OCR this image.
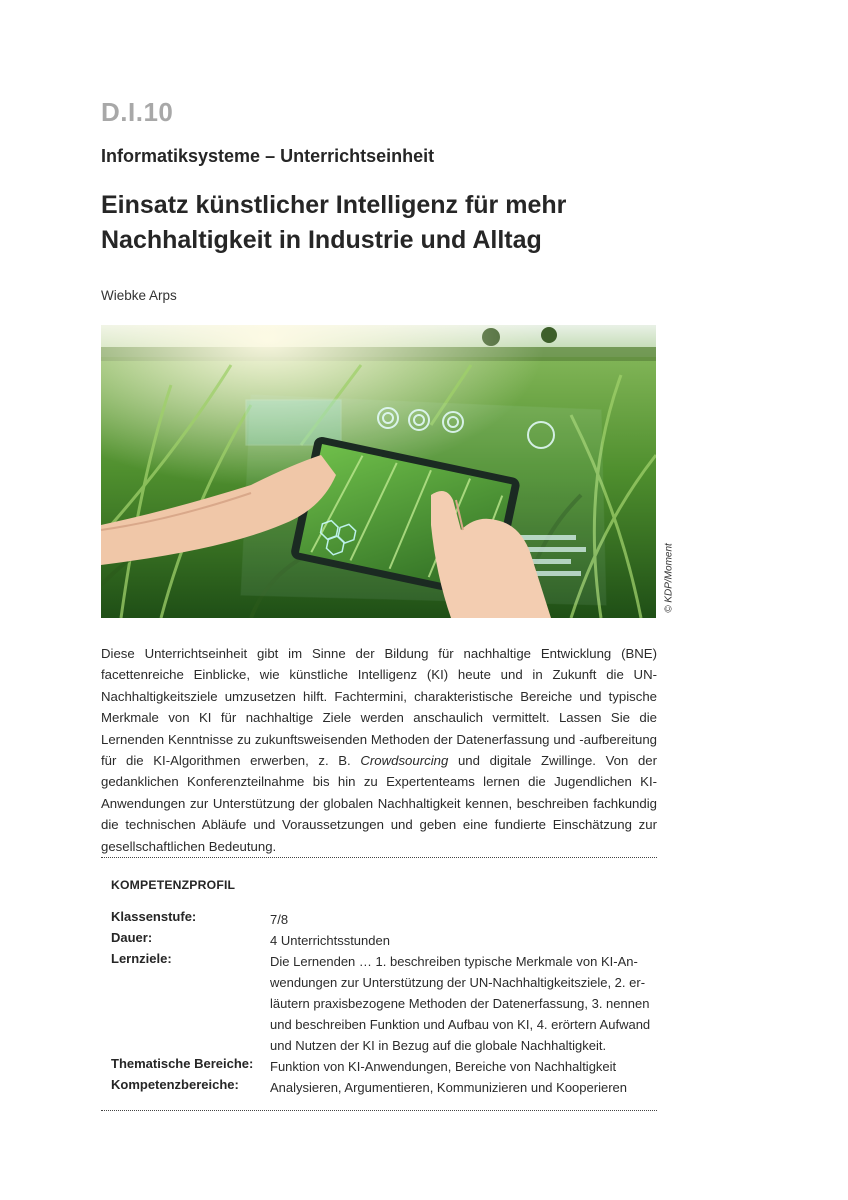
D.I.10
Informatiksysteme – Unterrichtseinheit
Einsatz künstlicher Intelligenz für mehr
Nachhaltigkeit in Industrie und Alltag
Wiebke Arps
© KDP/Moment
Diese Unterrichtseinheit gibt im Sinne der Bildung für nachhaltige Entwicklung (BNE) facettenreiche Einblicke, wie künstliche Intelligenz (KI) heute und in Zukunft die UN-Nachhaltigkeitsziele umzusetzen hilft. Fachtermini, charakteristische Bereiche und typische Merkmale von KI für nachhaltige Ziele werden anschaulich vermittelt. Lassen Sie die Lernenden Kenntnisse zu zukunftsweisenden Methoden der Datenerfassung und -aufbereitung für die KI-Algorithmen erwerben, z. B. Crowdsourcing und digitale Zwillinge. Von der gedanklichen Konferenzteilnahme bis hin zu Expertenteams lernen die Jugendlichen KI-Anwendungen zur Unterstützung der globalen Nachhaltigkeit kennen, beschreiben fachkundig die technischen Abläufe und Voraussetzungen und geben eine fundierte Einschätzung zur gesellschaftlichen Bedeutung.
KOMPETENZPROFIL
Klassenstufe:	7/8
Dauer:	4 Unterrichtsstunden
Lernziele:	Die Lernenden … 1. beschreiben typische Merkmale von KI-Anwendungen zur Unterstützung der UN-Nachhaltigkeitsziele, 2. erläutern praxisbezogene Methoden der Datenerfassung, 3. nennen und beschreiben Funktion und Aufbau von KI, 4. erörtern Aufwand und Nutzen der KI in Bezug auf die globale Nachhaltigkeit.
Thematische Bereiche: Funktion von KI-Anwendungen, Bereiche von Nachhaltigkeit
Kompetenzbereiche: Analysieren, Argumentieren, Kommunizieren und Kooperieren
